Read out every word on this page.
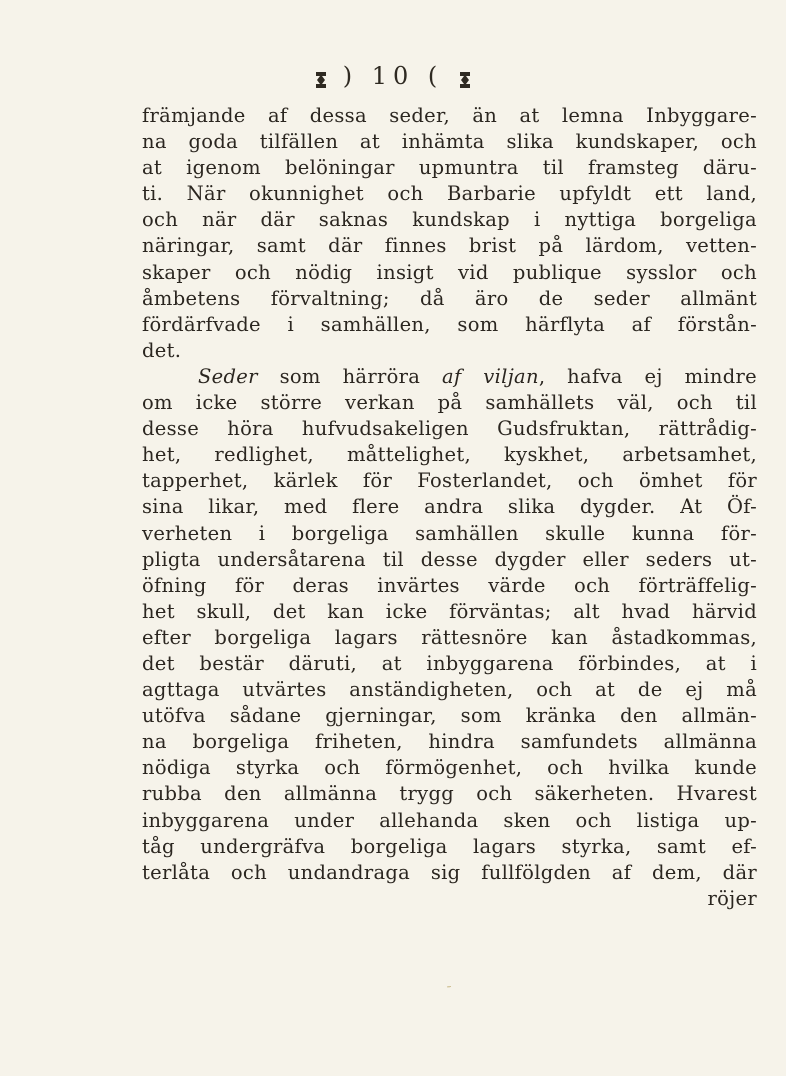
) 10 (
främjande af dessa seder, än at lemna Inbyggare-
na goda tilfällen at inhämta slika kundskaper, och
at igenom belöningar upmuntra til framsteg däru-
ti. När okunnighet och Barbarie upfyldt ett land,
och när där saknas kundskap i nyttiga borgeliga
näringar, samt där finnes brist på lärdom, vetten-
skaper och nödig insigt vid publique sysslor och
åmbetens förvaltning; då äro de seder allmänt
fördärfvade i samhällen, som härflyta af förstån-
det.
Seder som härröra af viljan, hafva ej mindre
om icke större verkan på samhällets väl, och til
desse höra hufvudsakeligen Gudsfruktan, rättrådig-
het, redlighet, måttelighet, kyskhet, arbetsamhet,
tapperhet, kärlek för Fosterlandet, och ömhet för
sina likar, med flere andra slika dygder. At Öf-
verheten i borgeliga samhällen skulle kunna för-
pligta undersåtarena til desse dygder eller seders ut-
öfning för deras invärtes värde och förträffelig-
het skull, det kan icke förväntas; alt hvad härvid
efter borgeliga lagars rättesnöre kan åstadkommas,
det bestär däruti, at inbyggarena förbindes, at i
agttaga utvärtes anständigheten, och at de ej må
utöfva sådane gjerningar, som kränka den allmän-
na borgeliga friheten, hindra samfundets allmänna
nödiga styrka och förmögenhet, och hvilka kunde
rubba den allmänna trygg och säkerheten. Hvarest
inbyggarena under allehanda sken och listiga up-
tåg undergräfva borgeliga lagars styrka, samt ef-
terlåta och undandraga sig fullfölgden af dem, där
röjer
‴
